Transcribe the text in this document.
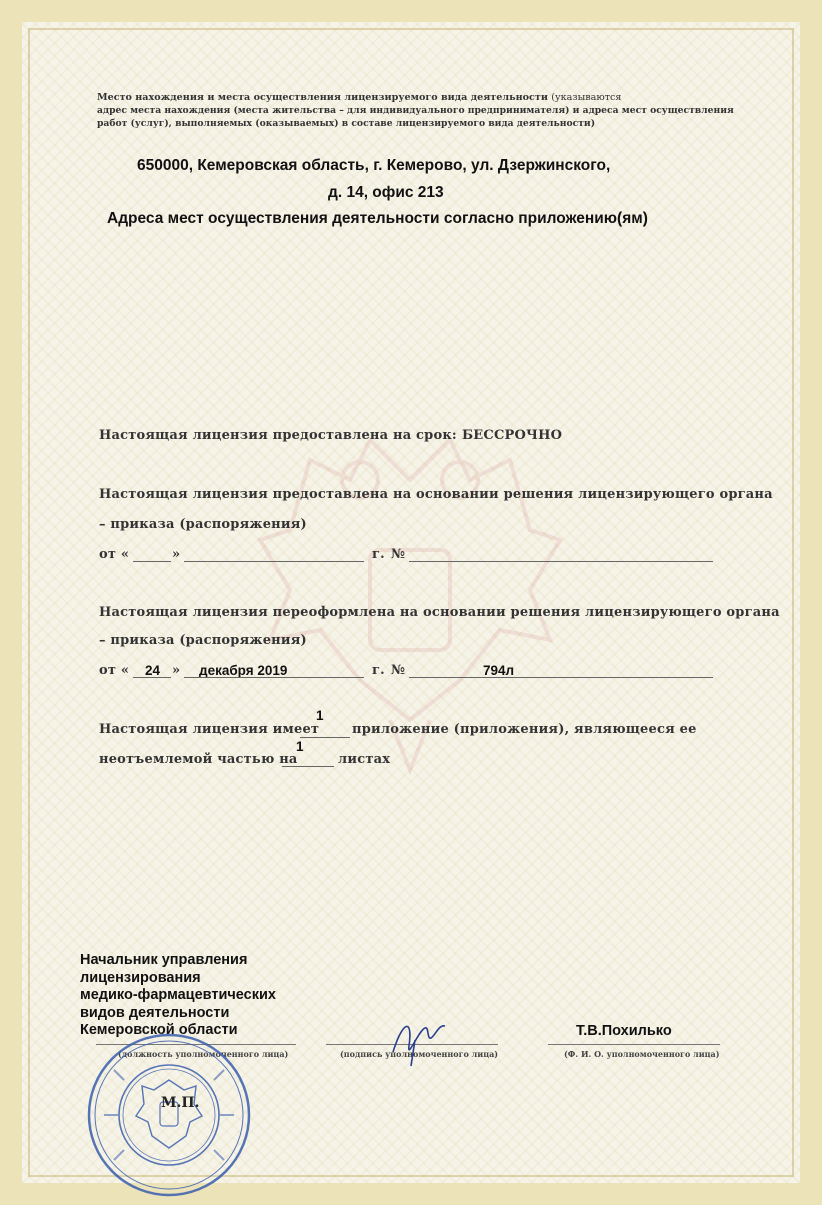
Место нахождения и места осуществления лицензируемого вида деятельности (указываются
адрес места нахождения (места жительства – для индивидуального предпринимателя) и адреса мест осуществления
работ (услуг), выполняемых (оказываемых) в составе лицензируемого вида деятельности)
650000, Кемеровская область, г. Кемерово, ул. Дзержинского,
д. 14, офис 213
Адреса мест осуществления деятельности согласно приложению(ям)
Настоящая лицензия предоставлена на срок: БЕССРОЧНО
Настоящая лицензия предоставлена на основании решения лицензирующего органа
– приказа (распоряжения)
от «	»	г. №
Настоящая лицензия переоформлена на основании решения лицензирующего органа
– приказа (распоряжения)
от « 24 » декабря 2019	г. №	794л
Настоящая лицензия имеет
1
приложение (приложения), являющееся ее
неотъемлемой частью на
1
листах
Начальник управления
лицензирования
медико-фармацевтических
видов деятельности
Кемеровской области
(должность уполномоченного лица)	(подпись уполномоченного лица)
Т.В.Похилько
(Ф. И. О. уполномоченного лица)
М.П.
